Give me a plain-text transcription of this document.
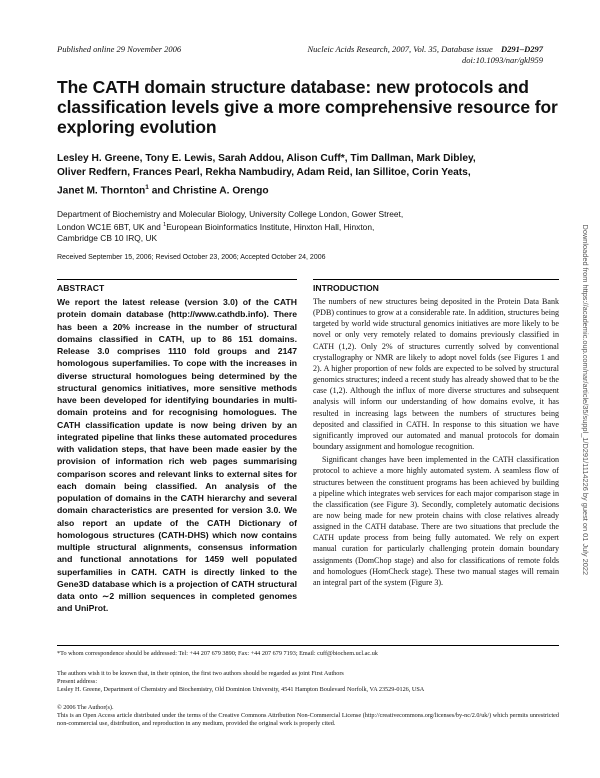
Published online 29 November 2006	Nucleic Acids Research, 2007, Vol. 35, Database issue D291–D297
doi:10.1093/nar/gkl959
The CATH domain structure database: new protocols and classification levels give a more comprehensive resource for exploring evolution
Lesley H. Greene, Tony E. Lewis, Sarah Addou, Alison Cuff*, Tim Dallman, Mark Dibley,
Oliver Redfern, Frances Pearl, Rekha Nambudiry, Adam Reid, Ian Sillitoe, Corin Yeats,
Janet M. Thornton$^1$ and Christine A. Orengo
Department of Biochemistry and Molecular Biology, University College London, Gower Street,
London WC1E 6BT, UK and $^1$European Bioinformatics Institute, Hinxton Hall, Hinxton,
Cambridge CB 10 IRQ, UK
Received September 15, 2006; Revised October 23, 2006; Accepted October 24, 2006
ABSTRACT	INTRODUCTION
We report the latest release (version 3.0) of the CATH protein domain database (http://www.cathdb.info). There has been a 20% increase in the number of structural domains classified in CATH, up to 86 151 domains. Release 3.0 comprises 1110 fold groups and 2147 homologous superfamilies. To cope with the increases in diverse structural homologues being determined by the structural genomics initiatives, more sensitive methods have been developed for identifying boundaries in multi-domain proteins and for recognising homologues. The CATH classification update is now being driven by an integrated pipeline that links these automated procedures with validation steps, that have been made easier by the provision of information rich web pages summarising comparison scores and relevant links to external sites for each domain being classified. An analysis of the population of domains in the CATH hierarchy and several domain characteristics are presented for version 3.0. We also report an update of the CATH Dictionary of homologous structures (CATH-DHS) which now contains multiple structural alignments, consensus information and functional annotations for 1459 well populated superfamilies in CATH. CATH is directly linked to the Gene3D database which is a projection of CATH structural data onto ∼2 million sequences in completed genomes and UniProt.

The numbers of new structures being deposited in the Protein Data Bank (PDB) continues to grow at a considerable rate. In addition, structures being targeted by world wide structural genomics initiatives are more likely to be novel or only very remotely related to domains previously classified in CATH (1,2). Only 2% of structures currently solved by conventional crystallography or NMR are likely to adopt novel folds (see Figures 1 and 2). A higher proportion of new folds are expected to be solved by structural genomics structures; indeed a recent study has already showed that to be the case (1,2). Although the influx of more diverse structures and subsequent analysis will inform our understanding of how domains evolve, it has resulted in increasing lags between the numbers of structures being deposited and classified in CATH. In response to this situation we have significantly improved our automated and manual protocols for domain boundary assignment and homologue recognition.

Significant changes have been implemented in the CATH classification protocol to achieve a more highly automated system. A seamless flow of structures between the constituent programs has been achieved by building a pipeline which integrates web services for each major comparison stage in the classification (see Figure 3). Secondly, completely automatic decisions are now being made for new protein chains with close relatives already assigned in the CATH database. There are two situations that preclude the CATH update process from being fully automated. We rely on expert manual curation for particularly challenging protein domain boundary assignments (DomChop stage) and also for classifications of remote folds and homologues (HomCheck stage). These two manual stages will remain an integral part of the system (Figure 3).

*To whom correspondence should be addressed: Tel: +44 207 679 3890; Fax: +44 207 679 7193; Email: cuff@biochem.ucl.ac.uk
The authors wish it to be known that, in their opinion, the first two authors should be regarded as joint First Authors
Present address:
Lesley H. Greene, Department of Chemistry and Biochemistry, Old Dominion University, 4541 Hampton Boulevard Norfolk, VA 23529-0126, USA
© 2006 The Author(s).
This is an Open Access article distributed under the terms of the Creative Commons Attribution Non-Commercial License (http://creativecommons.org/licenses/by-nc/2.0/uk/) which permits unrestricted non-commercial use, distribution, and reproduction in any medium, provided the original work is properly cited.
Downloaded from https://academic.oup.com/nar/article/35/suppl_1/D291/1114226 by guest on 01 July 2022
